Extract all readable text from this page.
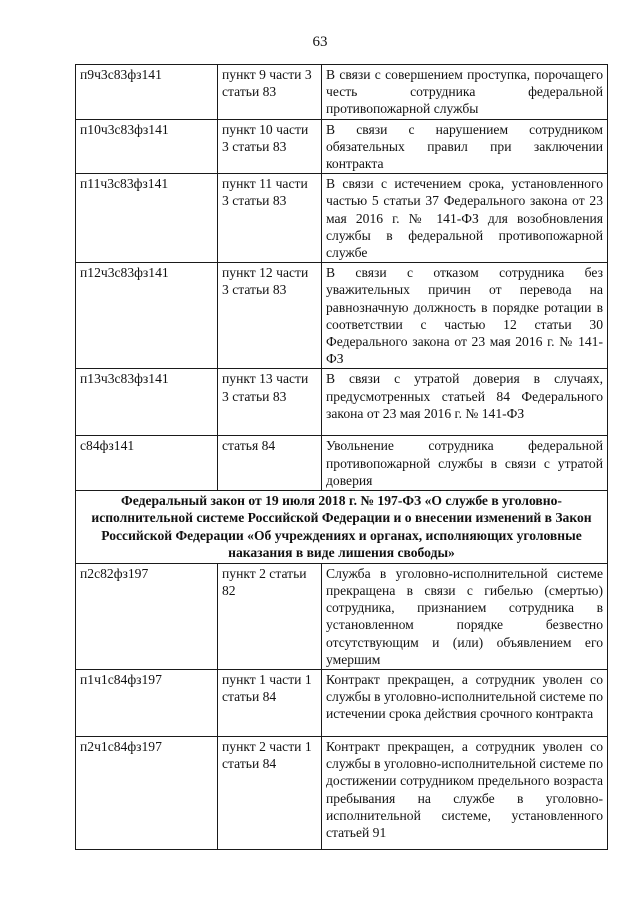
63
п9ч3с83фз141	пункт 9 части 3 статьи 83	В связи с совершением проступка, порочащего честь сотрудника федеральной противопожарной службы
п10ч3с83фз141	пункт 10 части 3 статьи 83	В связи с нарушением сотрудником обязательных правил при заключении контракта
п11ч3с83фз141	пункт 11 части 3 статьи 83	В связи с истечением срока, установленного частью 5 статьи 37 Федерального закона от 23 мая 2016 г. № 141-ФЗ для возобновления службы в федеральной противопожарной службе
п12ч3с83фз141	пункт 12 части 3 статьи 83	В связи с отказом сотрудника без уважительных причин от перевода на равнозначную должность в порядке ротации в соответствии с частью 12 статьи 30 Федерального закона от 23 мая 2016 г. № 141-ФЗ
п13ч3с83фз141	пункт 13 части 3 статьи 83	В связи с утратой доверия в случаях, предусмотренных статьей 84 Федерального закона от 23 мая 2016 г. № 141-ФЗ
с84фз141	статья 84	Увольнение сотрудника федеральной противопожарной службы в связи с утратой доверия
Федеральный закон от 19 июля 2018 г. № 197-ФЗ «О службе в уголовно-исполнительной системе Российской Федерации и о внесении изменений в Закон Российской Федерации «Об учреждениях и органах, исполняющих уголовные наказания в виде лишения свободы»		
п2с82фз197	пункт 2 статьи 82	Служба в уголовно-исполнительной системе прекращена в связи с гибелью (смертью) сотрудника, признанием сотрудника в установленном порядке безвестно отсутствующим и (или) объявлением его умершим
п1ч1с84фз197	пункт 1 части 1 статьи 84	Контракт прекращен, а сотрудник уволен со службы в уголовно-исполнительной системе по истечении срока действия срочного контракта
п2ч1с84фз197	пункт 2 части 1 статьи 84	Контракт прекращен, а сотрудник уволен со службы в уголовно-исполнительной системе по достижении сотрудником предельного возраста пребывания на службе в уголовно-исполнительной системе, установленного статьей 91
